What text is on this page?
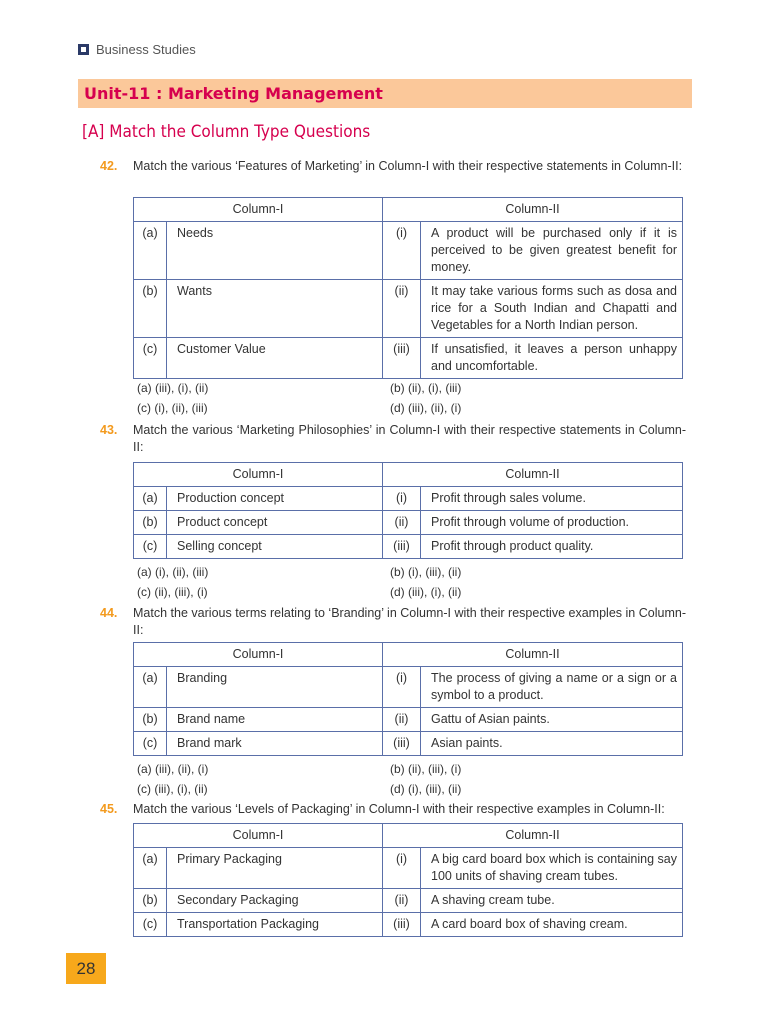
Business Studies
Unit-11 : Marketing Management
[A] Match the Column Type Questions
42. Match the various ‘Features of Marketing’ in Column-I with their respective statements in Column-II:
Column-I		Column-II	
(a)	Needs	(i)	A product will be purchased only if it is perceived to be given greatest benefit for money.
(b)	Wants	(ii)	It may take various forms such as dosa and rice for a South Indian and Chapatti and Vegetables for a North Indian person.
(c)	Customer Value	(iii)	If unsatisfied, it leaves a person unhappy and uncomfortable.
(a) (iii), (i), (ii)	(b) (ii), (i), (iii)
(c) (i), (ii), (iii)	(d) (iii), (ii), (i)
43. Match the various ‘Marketing Philosophies’ in Column-I with their respective statements in Column-II:
Column-I		Column-II	
(a)	Production concept	(i)	Profit through sales volume.
(b)	Product concept	(ii)	Profit through volume of production.
(c)	Selling concept	(iii)	Profit through product quality.
(a) (i), (ii), (iii)	(b) (i), (iii), (ii)
(c) (ii), (iii), (i)	(d) (iii), (i), (ii)
44. Match the various terms relating to ‘Branding’ in Column-I with their respective examples in Column-II:
Column-I		Column-II	
(a)	Branding	(i)	The process of giving a name or a sign or a symbol to a product.
(b)	Brand name	(ii)	Gattu of Asian paints.
(c)	Brand mark	(iii)	Asian paints.
(a) (iii), (ii), (i)	(b) (ii), (iii), (i)
(c) (iii), (i), (ii)	(d) (i), (iii), (ii)
45. Match the various ‘Levels of Packaging’ in Column-I with their respective examples in Column-II:
Column-I		Column-II	
(a)	Primary Packaging	(i)	A big card board box which is containing say 100 units of shaving cream tubes.
(b)	Secondary Packaging	(ii)	A shaving cream tube.
(c)	Transportation Packaging	(iii)	A card board box of shaving cream.
28
